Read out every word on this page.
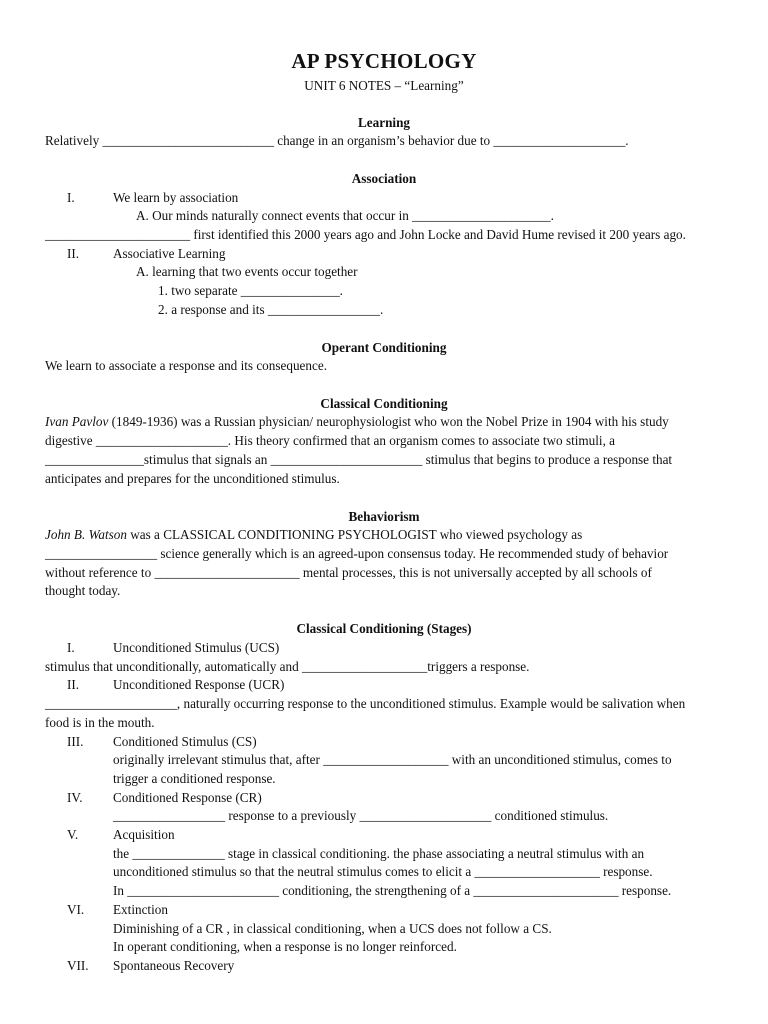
AP PSYCHOLOGY
UNIT 6 NOTES – “Learning”
Learning
Relatively __________________________ change in an organism’s behavior due to ____________________.
Association
I.	We learn by association
A. Our minds naturally connect events that occur in _____________________.
______________________ first identified this 2000 years ago and John Locke and David Hume revised it 200 years ago.
II.	Associative Learning
A. learning that two events occur together
1. two separate _______________.
2. a response and its _________________.
Operant Conditioning
We learn to associate a response and its consequence.
Classical Conditioning
Ivan Pavlov (1849-1936) was a Russian physician/ neurophysiologist who won the Nobel Prize in 1904 with his study
digestive ____________________. His theory confirmed that an organism comes to associate two stimuli, a
_______________stimulus that signals an _______________________ stimulus that begins to produce a response that
anticipates and prepares for the unconditioned stimulus.
Behaviorism
John B. Watson was a CLASSICAL CONDITIONING PSYCHOLOGIST who viewed psychology as
_________________ science generally which is an agreed-upon consensus today. He recommended study of behavior
without reference to ______________________ mental processes, this is not universally accepted by all schools of
thought today.
Classical Conditioning (Stages)
I.	Unconditioned Stimulus (UCS)
stimulus that unconditionally, automatically and ___________________triggers a response.
II.	Unconditioned Response (UCR)
____________________, naturally occurring response to the unconditioned stimulus. Example would be salivation when
food is in the mouth.
III. Conditioned Stimulus (CS)
originally irrelevant stimulus that, after ___________________ with an unconditioned stimulus, comes to
trigger a conditioned response.
IV. Conditioned Response (CR)
_________________ response to a previously ____________________ conditioned stimulus.
V.	Acquisition
the ______________ stage in classical conditioning. the phase associating a neutral stimulus with an
unconditioned stimulus so that the neutral stimulus comes to elicit a ___________________ response.
In _______________________ conditioning, the strengthening of a ______________________ response.
VI. Extinction
Diminishing of a CR , in classical conditioning, when a UCS does not follow a CS.
In operant conditioning, when a response is no longer reinforced.
VII. Spontaneous Recovery
